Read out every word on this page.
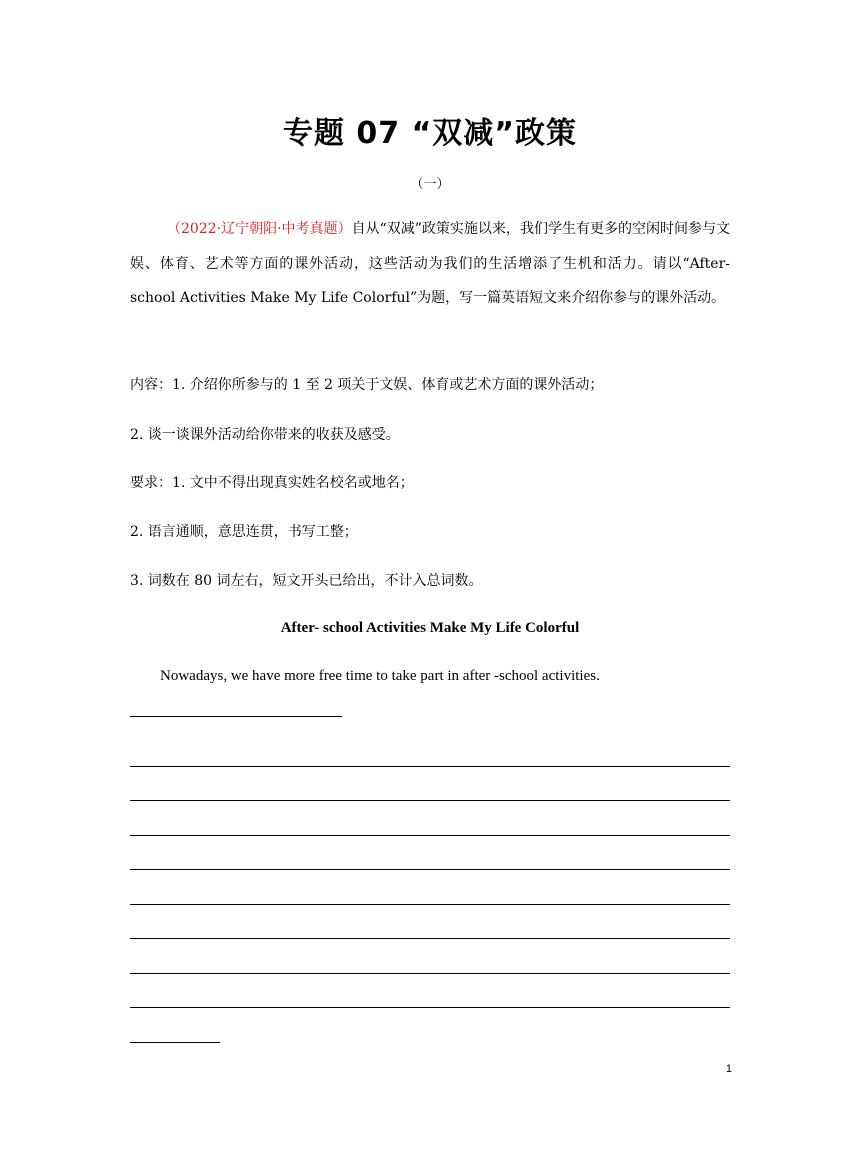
专题 07 “双减”政策

（一）

（2022·辽宁朝阳·中考真题）自从“双减”政策实施以来，我们学生有更多的空闲时间参与文娱、体育、艺术等方面的课外活动，这些活动为我们的生活增添了生机和活力。请以“After-school Activities Make My Life Colorful”为题，写一篇英语短文来介绍你参与的课外活动。

内容：1. 介绍你所参与的 1 至 2 项关于文娱、体育或艺术方面的课外活动；

2. 谈一谈课外活动给你带来的收获及感受。

要求：1. 文中不得出现真实姓名校名或地名；

2. 语言通顺，意思连贯，书写工整；

3. 词数在 80 词左右，短文开头已给出，不计入总词数。

After- school Activities Make My Life Colorful

Nowadays, we have more free time to take part in after -school activities.

1
